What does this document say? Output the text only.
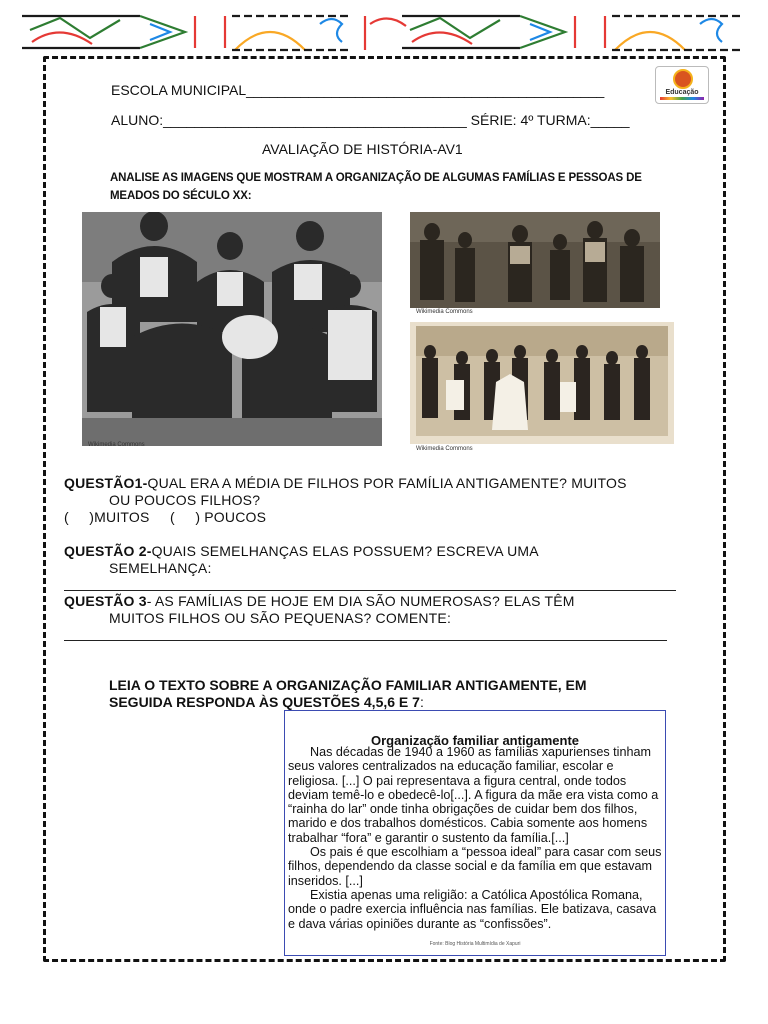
ESCOLA MUNICIPAL______________________________________________
ALUNO:_______________________________________ SÉRIE: 4º TURMA:_____
AVALIAÇÃO DE HISTÓRIA-AV1
Educação
ANALISE AS IMAGENS QUE MOSTRAM A ORGANIZAÇÃO DE ALGUMAS FAMÍLIAS E PESSOAS DE
MEADOS DO SÉCULO XX:
Wikimedia Commons
Wikimedia Commons
Wikimedia Commons
QUESTÃO1-QUAL ERA A MÉDIA DE FILHOS POR FAMÍLIA ANTIGAMENTE? MUITOS
OU POUCOS FILHOS?
(     )MUITOS     (     ) POUCOS
QUESTÃO 2-QUAIS SEMELHANÇAS ELAS POSSUEM? ESCREVA UMA
SEMELHANÇA:
QUESTÃO 3- AS FAMÍLIAS DE HOJE EM DIA SÃO NUMEROSAS? ELAS TÊM
MUITOS FILHOS OU SÃO PEQUENAS? COMENTE:
LEIA O TEXTO SOBRE A ORGANIZAÇÃO FAMILIAR ANTIGAMENTE, EM
SEGUIDA RESPONDA ÀS QUESTÕES 4,5,6 E 7:
Organização familiar antigamente

Nas décadas de 1940 a 1960 as famílias xapurienses tinham seus valores centralizados na educação familiar, escolar e religiosa. [...] O pai representava a figura central, onde todos deviam temê-lo e obedecê-lo[...]. A figura da mãe era vista como a “rainha do lar” onde tinha obrigações de cuidar bem dos filhos, marido e dos trabalhos domésticos. Cabia somente aos homens trabalhar “fora” e garantir o sustento da família.[...]

Os pais é que escolhiam a “pessoa ideal” para casar com seus filhos, dependendo da classe social e da família em que estavam inseridos. [...]

Existia apenas uma religião: a Católica Apostólica Romana, onde o padre exercia influência nas famílias. Ele batizava, casava e dava várias opiniões durante as “confissões”.

Fonte: Blog História Multimídia de Xapuri
